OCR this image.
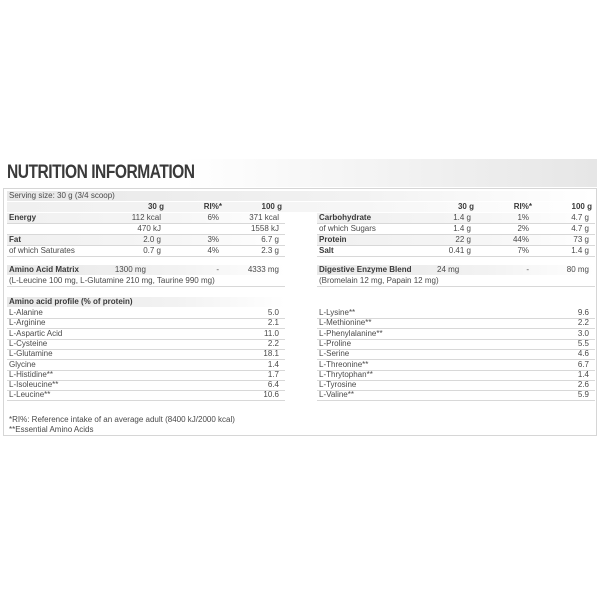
NUTRITION INFORMATION
Serving size: 30 g (3/4 scoop)
30 g	RI%*	100 g	30 g	RI%*	100 g
Energy	112 kcal	6%	371 kcal
470 kJ	1558 kJ
Fat	2.0 g	3%	6.7 g
of which Saturates	0.7 g	4%	2.3 g
Carbohydrate	1.4 g	1%	4.7 g
of which Sugars	1.4 g	2%	4.7 g
Protein	22 g	44%	73 g
Salt	0.41 g	7%	1.4 g
Amino Acid Matrix	1300 mg	-	4333 mg
(L-Leucine 100 mg, L-Glutamine 210 mg, Taurine 990 mg)
Digestive Enzyme Blend	24 mg	-	80 mg
(Bromelain 12 mg, Papain 12 mg)
Amino acid profile (% of protein)
L-Alanine	5.0
L-Arginine	2.1
L-Aspartic Acid	11.0
L-Cysteine	2.2
L-Glutamine	18.1
Glycine	1.4
L-Histidine**	1.7
L-Isoleucine**	6.4
L-Leucine**	10.6
L-Lysine**	9.6
L-Methionine**	2.2
L-Phenylalanine**	3.0
L-Proline	5.5
L-Serine	4.6
L-Threonine**	6.7
L-Thrytophan**	1.4
L-Tyrosine	2.6
L-Valine**	5.9
*RI%: Reference intake of an average adult (8400 kJ/2000 kcal)
**Essential Amino Acids
